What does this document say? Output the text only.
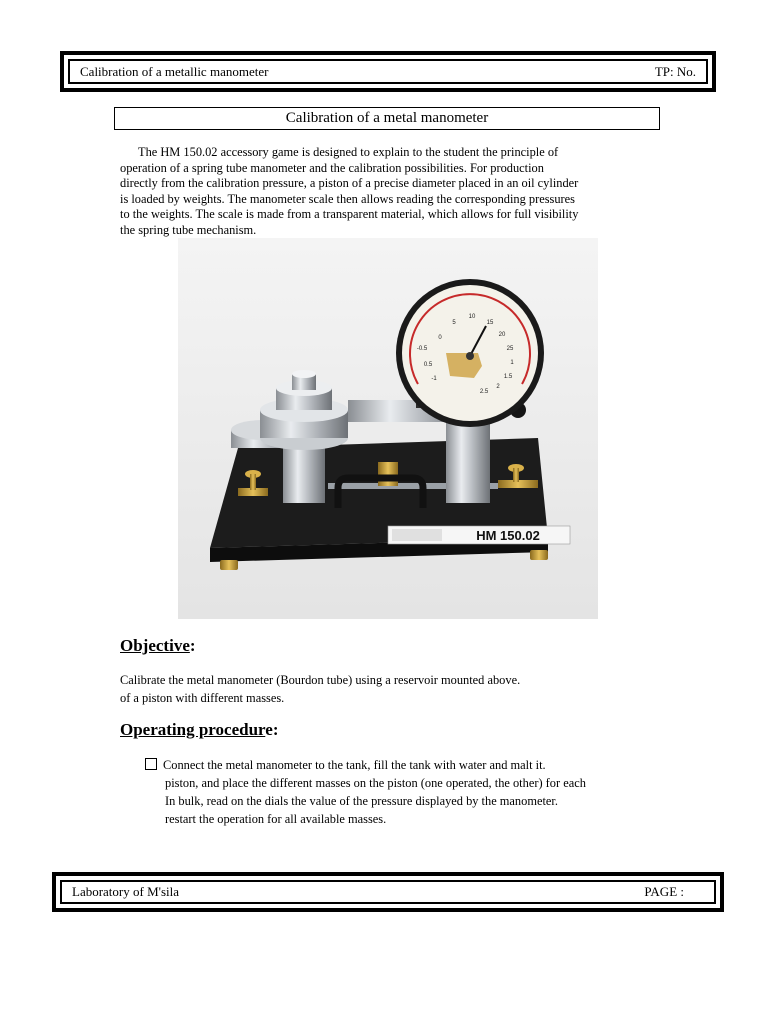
Calibration of a metallic manometer	TP: No.
Calibration of a metal manometer

The HM 150.02 accessory game is designed to explain to the student the principle of
operation of a spring tube manometer and the calibration possibilities. For production
directly from the calibration pressure, a piston of a precise diameter placed in an oil cylinder
is loaded by weights. The manometer scale then allows reading the corresponding pressures
to the weights. The scale is made from a transparent material, which allows for full visibility
the spring tube mechanism.

HM 150.02
0
5
10
15
20
25
-0.5
0.5
-1
1
1.5
2
2.5
Objective:

Calibrate the metal manometer (Bourdon tube) using a reservoir mounted above.
of a piston with different masses.

Operating procedure:

Connect the metal manometer to the tank, fill the tank with water and malt it.
piston, and place the different masses on the piston (one operated, the other) for each
In bulk, read on the dials the value of the pressure displayed by the manometer.
restart the operation for all available masses.

Laboratory of M'sila	PAGE :
